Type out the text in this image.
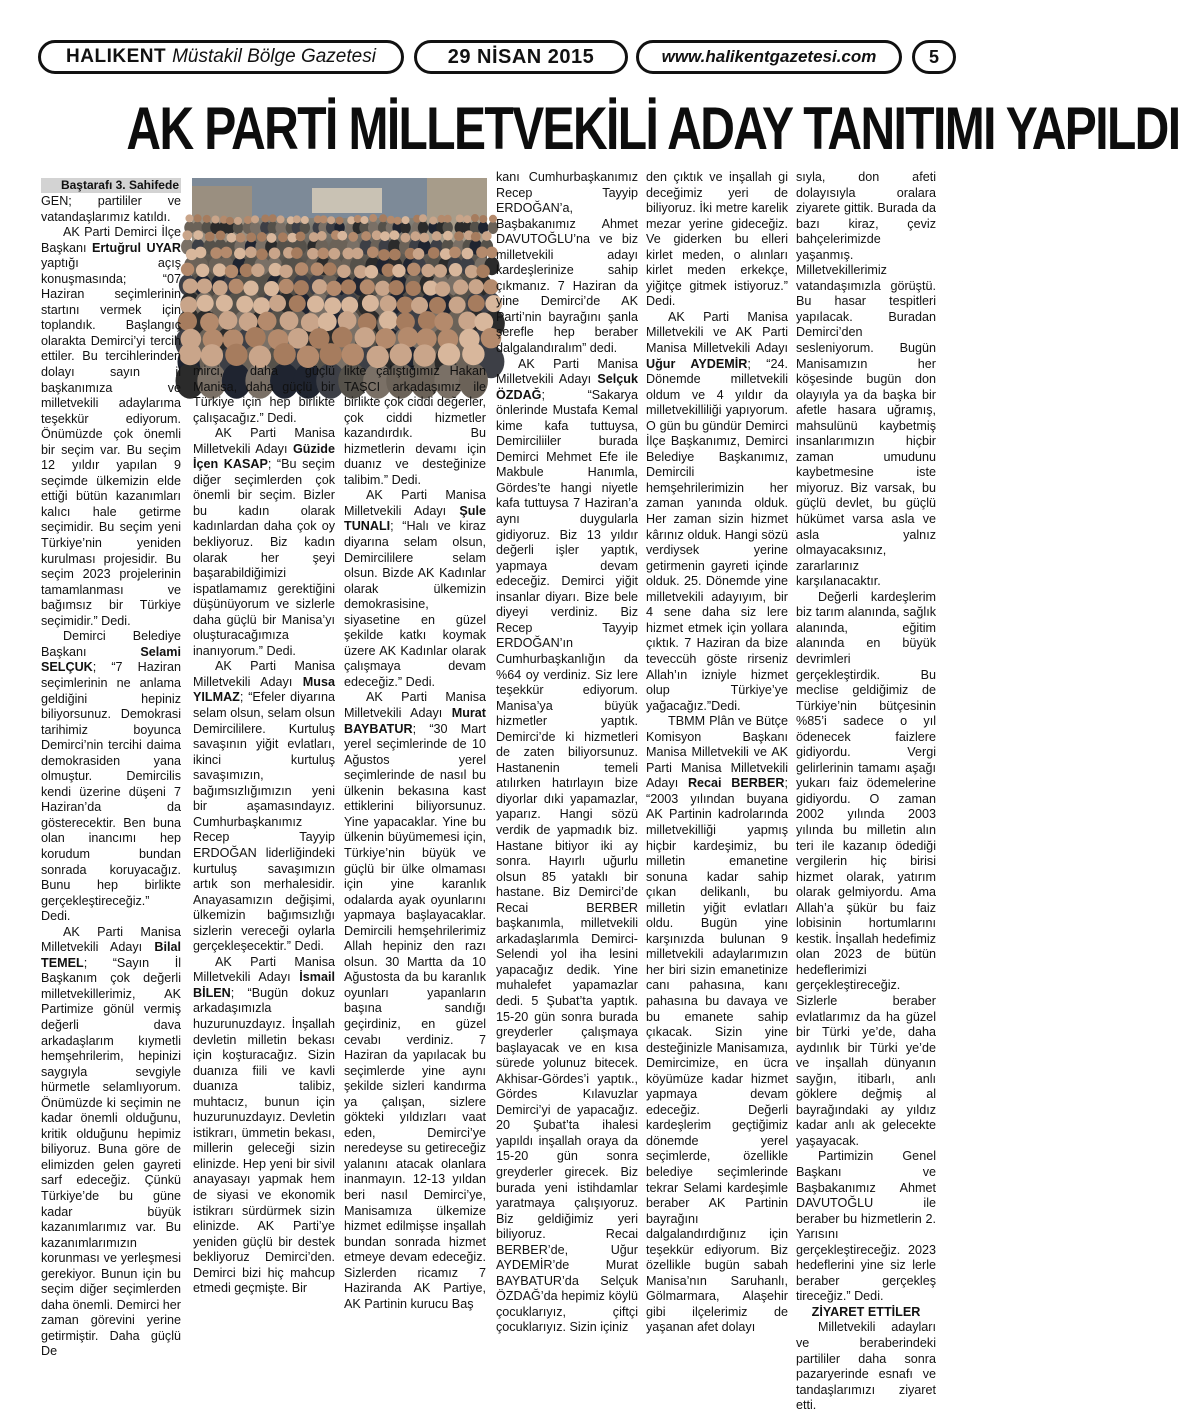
HALIKENT Müstakil Bölge Gazetesi	29 NİSAN 2015	www.halikentgazetesi.com	5
AK PARTİ MİLLETVEKİLİ ADAY TANITIMI YAPILDI
Baştarafı 3. Sahifede

GEN; partililer ve vatandaşlarımız katıldı.

AK Parti Demirci İlçe Başkanı Ertuğrul UYAR yaptığı açış konuşmasında; “07 Haziran seçimlerinin startını vermek için toplandık. Başlangıç olarakta Demirci’yi tercih ettiler. Bu tercihlerinden dolayı sayın il başkanımıza ve milletvekili adaylarıma teşekkür ediyorum. Önümüzde çok önemli bir seçim var. Bu seçim 12 yıldır yapılan 9 seçimde ülkemizin elde ettiği bütün kazanımları kalıcı hale getirme seçimidir. Bu seçim yeni Türkiye’nin yeniden kurulması projesidir. Bu seçim 2023 projelerinin tamamlanması ve bağımsız bir Türkiye seçimidir.” Dedi.

Demirci Belediye Başkanı Selami SELÇUK; “7 Haziran seçimlerinin ne anlama geldiğini hepiniz biliyorsunuz. Demokrasi tarihimiz boyunca Demirci’nin tercihi daima demokrasiden yana olmuştur. Demircilis kendi üzerine düşeni 7 Haziran’da da gösterecektir. Ben buna olan inancımı hep korudum bundan sonrada koruyacağız. Bunu hep birlikte gerçekleştireceğiz.” Dedi.

AK Parti Manisa Milletvekili Adayı Bilal TEMEL; “Sayın İl Başkanım çok değerli milletvekillerimiz, AK Partimize gönül vermiş değerli dava arkadaşlarım kıymetli hemşehrilerim, hepinizi saygıyla sevgiyle hürmetle selamlıyorum. Önümüzde ki seçimin ne kadar önemli olduğunu, kritik olduğunu hepimiz biliyoruz. Buna göre de elimizden gelen gayreti sarf edeceğiz. Çünkü Türkiye’de bu güne kadar büyük kazanımlarımız var. Bu kazanımlarımızın korunması ve yerleşmesi gerekiyor. Bunun için bu seçim diğer seçimlerden daha önemli. Demirci her zaman görevini yerine getirmiştir. Daha güçlü De

mirci, daha güçlü Manisa, daha güçlü bir Türkiye için hep birlikte çalışacağız.” Dedi.

AK Parti Manisa Milletvekili Adayı Güzide İçen KASAP; “Bu seçim diğer seçimlerden çok önemli bir seçim. Bizler bu kadın olarak kadınlardan daha çok oy bekliyoruz. Biz kadın olarak her şeyi başarabildiğimizi ispatlamamız gerektiğini düşünüyorum ve sizlerle daha güçlü bir Manisa’yı oluşturacağımıza inanıyorum.” Dedi.

AK Parti Manisa Milletvekili Adayı Musa YILMAZ; “Efeler diyarına selam olsun, selam olsun Demircililere. Kurtuluş savaşının yiğit evlatları, ikinci kurtuluş savaşımızın, bağımsızlığımızın yeni bir aşamasındayız. Cumhurbaşkanımız Recep Tayyip ERDOĞAN liderliğindeki kurtuluş savaşımızın artık son merhalesidir. Anayasamızın değişimi, ülkemizin bağımsızlığı sizlerin vereceği oylarla gerçekleşecektir.” Dedi.

AK Parti Manisa Milletvekili Adayı İsmail BİLEN; “Bugün dokuz arkadaşımızla huzurunuzdayız. İnşallah devletin milletin bekası için koşturacağız. Sizin duanıza fiili ve kavli duanıza talibiz, muhtacız, bunun için huzurunuzdayız. Devletin istikrarı, ümmetin bekası, millerin geleceği sizin elinizde. Hep yeni bir sivil anayasayı yapmak hem de siyasi ve ekonomik istikrarı sürdürmek sizin elinizde. AK Parti’ye yeniden güçlü bir destek bekliyoruz Demirci’den. Demirci bizi hiç mahcup etmedi geçmişte. Bir

likte çalıştığımız Hakan TAŞCI arkadaşımız ile birlikte çok ciddi değerler, çok ciddi hizmetler kazandırdık. Bu hizmetlerin devamı için duanız ve desteğinize talibim.” Dedi.

AK Parti Manisa Milletvekili Adayı Şule TUNALI; “Halı ve kiraz diyarına selam olsun, Demircililere selam olsun. Bizde AK Kadınlar olarak ülkemizin demokrasisine, siyasetine en güzel şekilde katkı koymak üzere AK Kadınlar olarak çalışmaya devam edeceğiz.” Dedi.

AK Parti Manisa Milletvekili Adayı Murat BAYBATUR; “30 Mart yerel seçimlerinde de 10 Ağustos yerel seçimlerinde de nasıl bu ülkenin bekasına kast ettiklerini biliyorsunuz. Yine yapacaklar. Yine bu ülkenin büyümemesi için, Türkiye’nin büyük ve güçlü bir ülke olmaması için yine karanlık odalarda ayak oyunlarını yapmaya başlayacaklar. Demircili hemşehrilerimiz Allah hepiniz den razı olsun. 30 Martta da 10 Ağustosta da bu karanlık oyunları yapanların başına sandığı geçirdiniz, en güzel cevabı verdiniz. 7 Haziran da yapılacak bu seçimlerde yine aynı şekilde sizleri kandırma ya çalışan, sizlere gökteki yıldızları vaat eden, Demirci’ye neredeyse su getireceğiz yalanını atacak olanlara inanmayın. 12-13 yıldan beri nasıl Demirci’ye, Manisamıza ülkemize hizmet edilmişse inşallah bundan sonrada hizmet etmeye devam edeceğiz. Sizlerden ricamız 7 Haziranda AK Partiye, AK Partinin kurucu Baş

kanı Cumhurbaşkanımız Recep Tayyip ERDOĞAN’a, Başbakanımız Ahmet DAVUTOĞLU’na ve biz milletvekili adayı kardeşlerinize sahip çıkmanız. 7 Haziran da yine Demirci’de AK Parti’nin bayrağını şanla şerefle hep beraber dalgalandıralım” dedi.

AK Parti Manisa Milletvekili Adayı Selçuk ÖZDAĞ; “Sakarya önlerinde Mustafa Kemal kime kafa tuttuysa, Demirciliiler burada Demirci Mehmet Efe ile Makbule Hanımla, Gördes’te hangi niyetle kafa tuttuysa 7 Haziran’a aynı duygularla gidiyoruz. Biz 13 yıldır değerli işler yaptık, yapmaya devam edeceğiz. Demirci yiğit insanlar diyarı. Bize bele diyeyi verdiniz. Biz Recep Tayyip ERDOĞAN’ın Cumhurbaşkanlığın da %64 oy verdiniz. Siz lere teşekkür ediyorum. Manisa’ya büyük hizmetler yaptık. Demirci’de ki hizmetleri de zaten biliyorsunuz. Hastanenin temeli atılırken hatırlayın bize diyorlar dıki yapamazlar, yaparız. Hangi sözü verdik de yapmadık biz. Hastane bitiyor iki ay sonra. Hayırlı uğurlu olsun 85 yataklı bir hastane. Biz Demirci’de Recai BERBER başkanımla, milletvekili arkadaşlarımla Demirci-Selendi yol iha lesini yapacağız dedik. Yine muhalefet yapamazlar dedi. 5 Şubat’ta yaptık. 15-20 gün sonra burada greyderler çalışmaya başlayacak ve en kısa sürede yolunuz bitecek. Akhisar-Gördes’i yaptık., Gördes Kılavuzlar Demirci’yi de yapacağız. 20 Şubat’ta ihalesi yapıldı inşallah oraya da 15-20 gün sonra greyderler girecek. Biz burada yeni istihdamlar yaratmaya çalışıyoruz. Biz geldiğimiz yeri biliyoruz. Recai BERBER’de, Uğur AYDEMİR’de Murat BAYBATUR’da Selçuk ÖZDAĞ’da hepimiz köylü çocuklarıyız, çiftçi çocuklarıyız. Sizin içiniz

den çıktık ve inşallah gi deceğimiz yeri de biliyoruz. İki metre karelik mezar yerine gideceğiz. Ve giderken bu elleri kirlet meden, o alınları kirlet meden erkekçe, yiğitçe gitmek istiyoruz.” Dedi.

AK Parti Manisa Milletvekili ve AK Parti Manisa Milletvekili Adayı Uğur AYDEMİR; “24. Dönemde milletvekili oldum ve 4 yıldır da milletvekilliliği yapıyorum. O gün bu gündür Demirci İlçe Başkanımız, Demirci Belediye Başkanımız, Demircili hemşehrilerimizin her zaman yanında olduk. Her zaman sizin hizmet kârınız olduk. Hangi sözü verdiysek yerine getirmenin gayreti içinde olduk. 25. Dönemde yine milletvekili adayıyım, bir 4 sene daha siz lere hizmet etmek için yollara çıktık. 7 Haziran da bize teveccüh göste rirseniz Allah’ın izniyle hizmet olup Türkiye’ye yağacağız.”Dedi.

TBMM Plân ve Bütçe Komisyon Başkanı Manisa Milletvekili ve AK Parti Manisa Milletvekili Adayı Recai BERBER; “2003 yılından buyana AK Partinin kadrolarında milletvekilliği yapmış hiçbir kardeşimiz, bu milletin emanetine sonuna kadar sahip çıkan delikanlı, bu milletin yiğit evlatları oldu. Bugün yine karşınızda bulunan 9 milletvekili adaylarımızın her biri sizin emanetinize canı pahasına, kanı pahasına bu davaya ve bu emanete sahip çıkacak. Sizin yine desteğinizle Manisamıza, Demircimize, en ücra köyümüze kadar hizmet yapmaya devam edeceğiz. Değerli kardeşlerim geçtiğimiz dönemde yerel seçimlerde, özellikle belediye seçimlerinde tekrar Selami kardeşimle beraber AK Partinin bayrağını dalgalandırdığınız için teşekkür ediyorum. Biz özellikle bugün sabah Manisa’nın Saruhanlı, Gölmarmara, Alaşehir gibi ilçelerimiz de yaşanan afet dolayı

sıyla, don afeti dolayısıyla oralara ziyarete gittik. Burada da bazı kiraz, çeviz bahçelerimizde yaşanmış. Milletvekillerimiz vatandaşımızla görüştü. Bu hasar tespitleri yapılacak. Buradan Demirci’den sesleniyorum. Bugün Manisamızın her köşesinde bugün don olayıyla ya da başka bir afetle hasara uğramış, mahsulünü kaybetmiş insanlarımızın hiçbir zaman umudunu kaybetmesine iste miyoruz. Biz varsak, bu güçlü devlet, bu güçlü hükümet varsa asla ve asla yalnız olmayacaksınız, zararlarınız karşılanacaktır.

Değerli kardeşlerim biz tarım alanında, sağlık alanında, eğitim alanında en büyük devrimleri gerçekleştirdik. Bu meclise geldiğimiz de Türkiye’nin bütçesinin %85’i sadece o yıl ödenecek faizlere gidiyordu. Vergi gelirlerinin tamamı aşağı yukarı faiz ödemelerine gidiyordu. O zaman 2002 yılında 2003 yılında bu milletin alın teri ile kazanıp ödediği vergilerin hiç birisi hizmet olarak, yatırım olarak gelmiyordu. Ama Allah’a şükür bu faiz lobisinin hortumlarını kestik. İnşallah hedefimiz olan 2023 de bütün hedeflerimizi gerçekleştireceğiz. Sizlerle beraber evlatlarımız da ha güzel bir Türki ye’de, daha aydınlık bir Türki ye’de ve inşallah dünyanın sayğın, itibarlı, anlı göklere değmiş al bayrağındaki ay yıldız kadar anlı ak gelecekte yaşayacak.

Partimizin Genel Başkanı ve Başbakanımız Ahmet DAVUTOĞLU ile beraber bu hizmetlerin 2. Yarısını gerçekleştireceğiz. 2023 hedeflerini yine siz lerle beraber gerçekleş tireceğiz.” Dedi.

ZİYARET ETTİLER

Milletvekili adayları ve beraberindeki partililer daha sonra pazaryerinde esnafı ve tandaşlarımızı ziyaret etti.
